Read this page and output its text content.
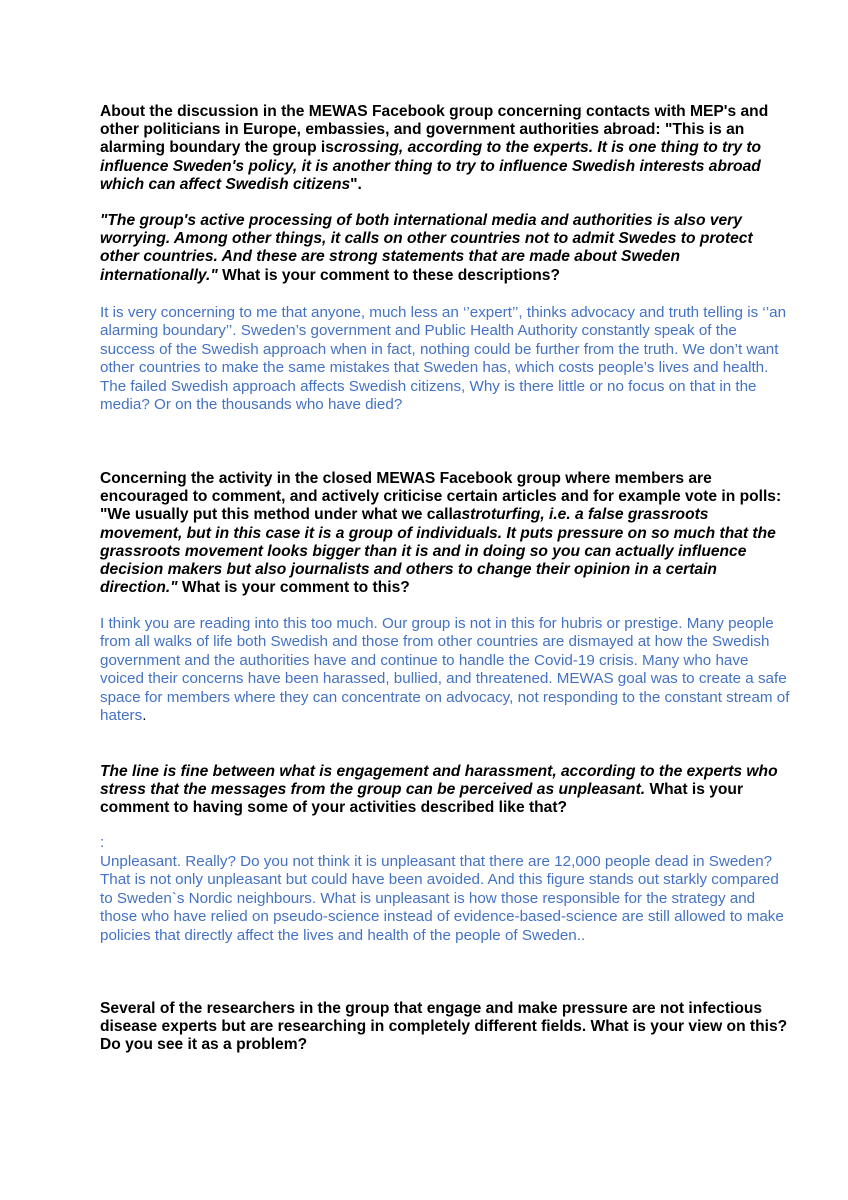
About the discussion in the MEWAS Facebook group concerning contacts with MEP's and other politicians in Europe, embassies, and government authorities abroad: "This is an alarming boundary the group iscrossing, according to the experts. It is one thing to try to influence Sweden's policy, it is another thing to try to influence Swedish interests abroad which can affect Swedish citizens".

"The group's active processing of both international media and authorities is also very worrying. Among other things, it calls on other countries not to admit Swedes to protect other countries. And these are strong statements that are made about Sweden internationally." What is your comment to these descriptions?

It is very concerning to me that anyone, much less an ‘’expert’’, thinks advocacy and truth telling is ‘’an alarming boundary’’. Sweden’s government and Public Health Authority constantly speak of the success of the Swedish approach when in fact, nothing could be further from the truth. We don’t want other countries to make the same mistakes that Sweden has, which costs people’s lives and health. The failed Swedish approach affects Swedish citizens, Why is there little or no focus on that in the media? Or on the thousands who have died?

Concerning the activity in the closed MEWAS Facebook group where members are encouraged to comment, and actively criticise certain articles and for example vote in polls: "We usually put this method under what we callastroturfing, i.e. a false grassroots movement, but in this case it is a group of individuals. It puts pressure on so much that the grassroots movement looks bigger than it is and in doing so you can actually influence decision makers but also journalists and others to change their opinion in a certain direction." What is your comment to this?

I think you are reading into this too much. Our group is not in this for hubris or prestige. Many people from all walks of life both Swedish and those from other countries are dismayed at how the Swedish government and the authorities have and continue to handle the Covid-19 crisis. Many who have voiced their concerns have been harassed, bullied, and threatened. MEWAS goal was to create a safe space for members where they can concentrate on advocacy, not responding to the constant stream of haters.

The line is fine between what is engagement and harassment, according to the experts who stress that the messages from the group can be perceived as unpleasant. What is your comment to having some of your activities described like that?

:

Unpleasant. Really? Do you not think it is unpleasant that there are 12,000 people dead in Sweden? That is not only unpleasant but could have been avoided. And this figure stands out starkly compared to Sweden`s Nordic neighbours. What is unpleasant is how those responsible for the strategy and those who have relied on pseudo-science instead of evidence-based-science are still allowed to make policies that directly affect the lives and health of the people of Sweden..

Several of the researchers in the group that engage and make pressure are not infectious disease experts but are researching in completely different fields. What is your view on this? Do you see it as a problem?
